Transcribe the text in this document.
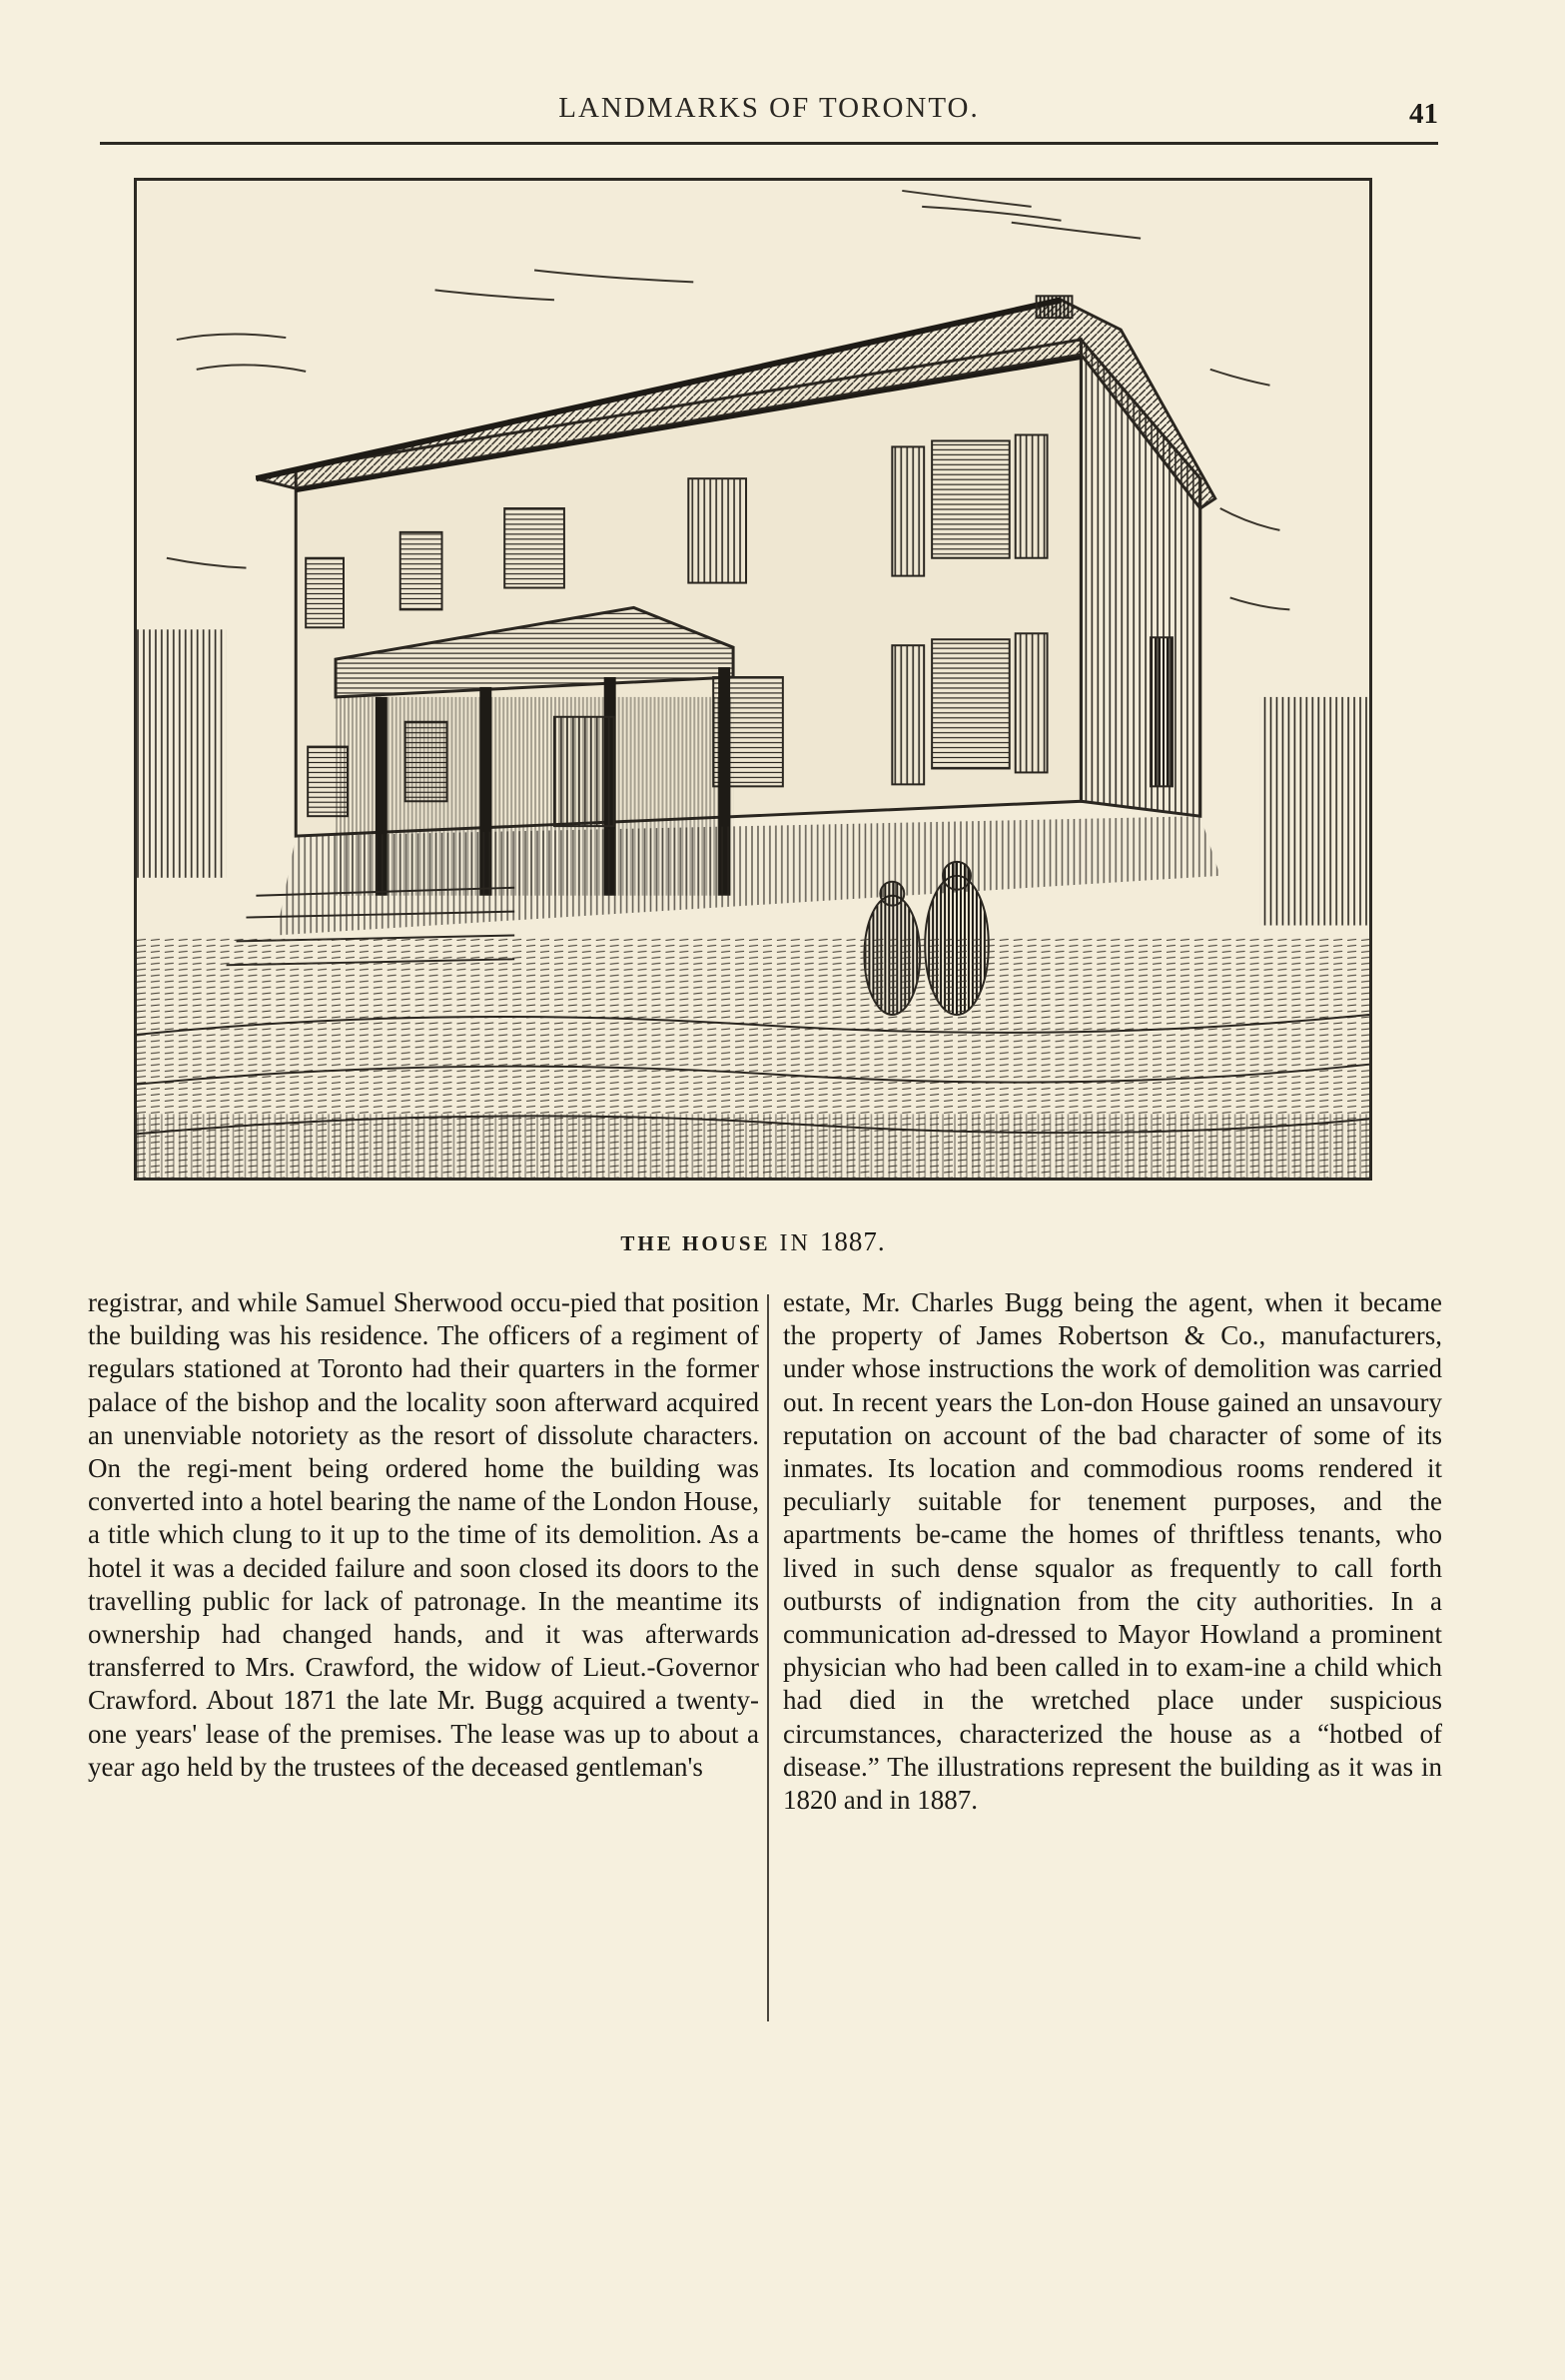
LANDMARKS OF TORONTO.	41
THE HOUSE IN 1887.

registrar, and while Samuel Sherwood occu-pied that position the building was his residence. The officers of a regiment of regulars stationed at Toronto had their quarters in the former palace of the bishop and the locality soon afterward acquired an unenviable notoriety as the resort of dissolute characters. On the regi-ment being ordered home the building was converted into a hotel bearing the name of the London House, a title which clung to it up to the time of its demolition. As a hotel it was a decided failure and soon closed its doors to the travelling public for lack of patronage. In the meantime its ownership had changed hands, and it was afterwards transferred to Mrs. Crawford, the widow of Lieut.-Governor Crawford. About 1871 the late Mr. Bugg acquired a twenty-one years' lease of the premises. The lease was up to about a year ago held by the trustees of the deceased gentleman's

estate, Mr. Charles Bugg being the agent, when it became the property of James Robertson & Co., manufacturers, under whose instructions the work of demolition was carried out. In recent years the Lon-don House gained an unsavoury reputation on account of the bad character of some of its inmates. Its location and commodious rooms rendered it peculiarly suitable for tenement purposes, and the apartments be-came the homes of thriftless tenants, who lived in such dense squalor as frequently to call forth outbursts of indignation from the city authorities. In a communication ad-dressed to Mayor Howland a prominent physician who had been called in to exam-ine a child which had died in the wretched place under suspicious circumstances, characterized the house as a “hotbed of disease.” The illustrations represent the building as it was in 1820 and in 1887.
